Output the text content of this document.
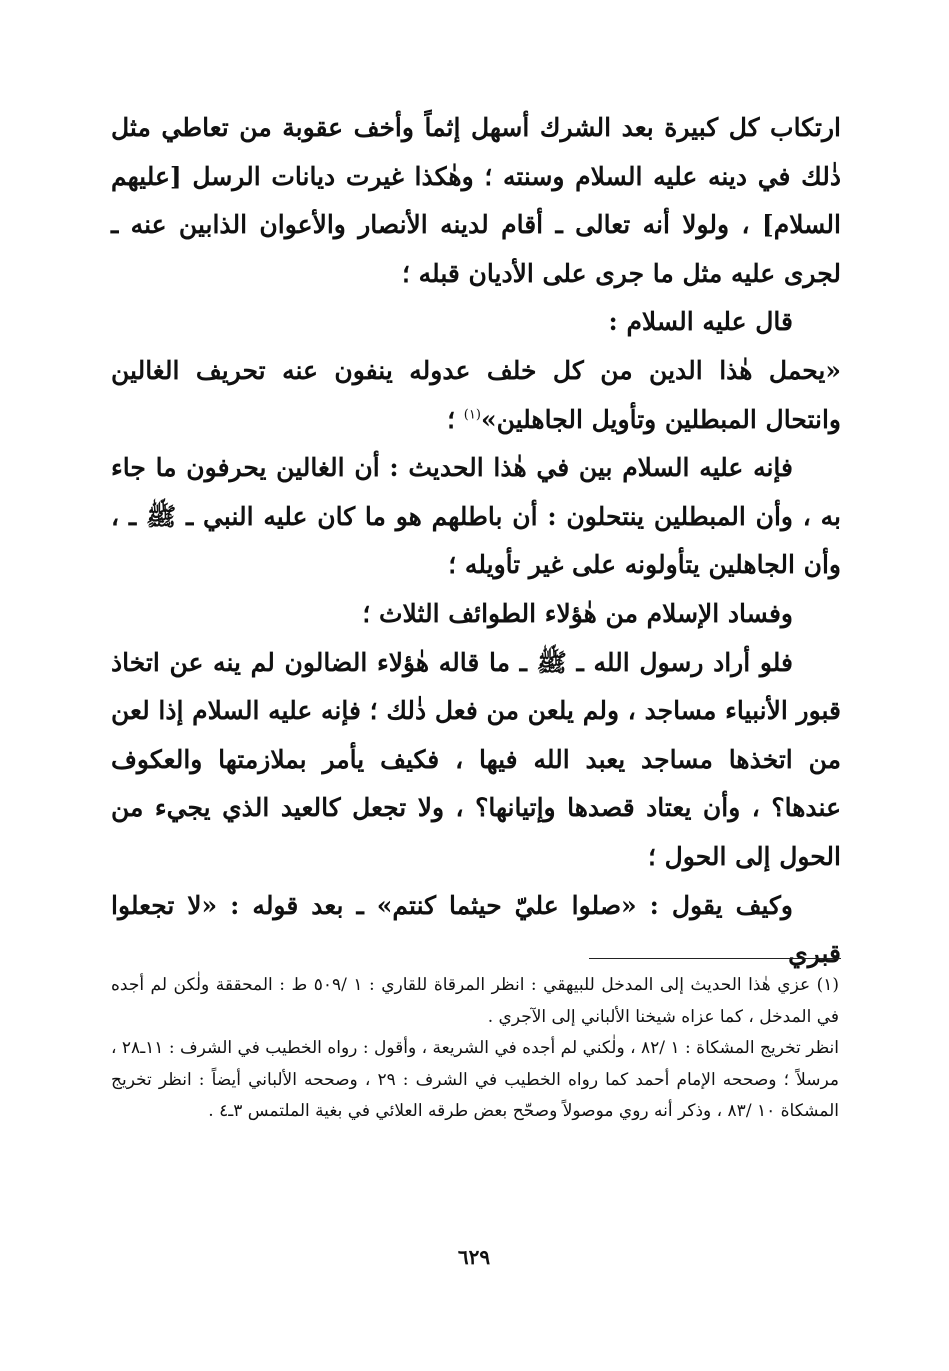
ارتكاب كل كبيرة بعد الشرك أسهل إثماً وأخف عقوبة من تعاطي مثل ذٰلك في دينه عليه السلام وسنته ؛ وهٰكذا غيرت ديانات الرسل [عليهم السلام] ، ولولا أنه تعالى ـ أقام لدينه الأنصار والأعوان الذابين عنه ـ لجرى عليه مثل ما جرى على الأديان قبله ؛

قال عليه السلام :

«يحمل هٰذا الدين من كل خلف عدوله ينفون عنه تحريف الغالين وانتحال المبطلين وتأويل الجاهلين»$^{(١)}$ ؛

فإنه عليه السلام بين في هٰذا الحديث : أن الغالين يحرفون ما جاء به ، وأن المبطلين ينتحلون : أن باطلهم هو ما كان عليه النبي ـ ﷺ ـ ، وأن الجاهلين يتأولونه على غير تأويله ؛

وفساد الإسلام من هٰؤلاء الطوائف الثلاث ؛

فلو أراد رسول الله ـ ﷺ ـ ما قاله هٰؤلاء الضالون لم ينه عن اتخاذ قبور الأنبياء مساجد ، ولم يلعن من فعل ذٰلك ؛ فإنه عليه السلام إذا لعن من اتخذها مساجد يعبد الله فيها ، فكيف يأمر بملازمتها والعكوف عندها؟ ، وأن يعتاد قصدها وإتيانها؟ ، ولا تجعل كالعيد الذي يجيء من الحول إلى الحول ؛

وكيف يقول : «صلوا عليّ حيثما كنتم» ـ بعد قوله : «لا تجعلوا قبري

(١) عزي هٰذا الحديث إلى المدخل للبيهقي : انظر المرقاة للقاري : ١ /٥٠٩ ط : المحققة ولٰكن لم أجده في المدخل ، كما عزاه شيخنا الألباني إلى الآجري .

انظر تخريج المشكاة : ١ /٨٢ ، ولٰكني لم أجده في الشريعة ، وأقول : رواه الخطيب في الشرف : ١١ـ٢٨ ، مرسلاً ؛ وصححه الإمام أحمد كما رواه الخطيب في الشرف : ٢٩ ، وصححه الألباني أيضاً : انظر تخريج المشكاة ١٠ /٨٣ ، وذكر أنه روي موصولاً وصحّح بعض طرقه العلائي في بغية الملتمس ٣ـ٤ .

٦٢٩
